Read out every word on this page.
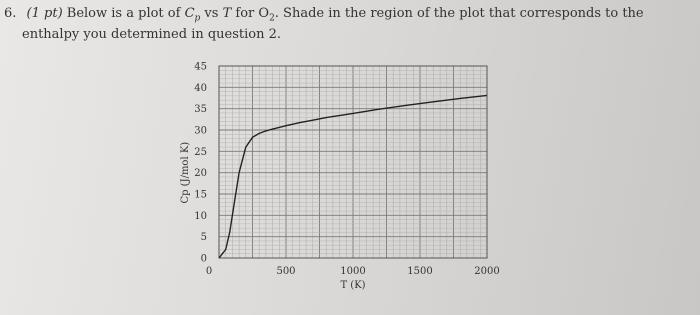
6. (1 pt) Below is a plot of $C_p$ vs T for $O_2$. Shade in the region of the plot that corresponds to the
enthalpy you determined in question 2.
0
5
10
15
20
25
30
35
40
45
0	500	1000	1500	2000
T (K)
Cp (J/mol K)
